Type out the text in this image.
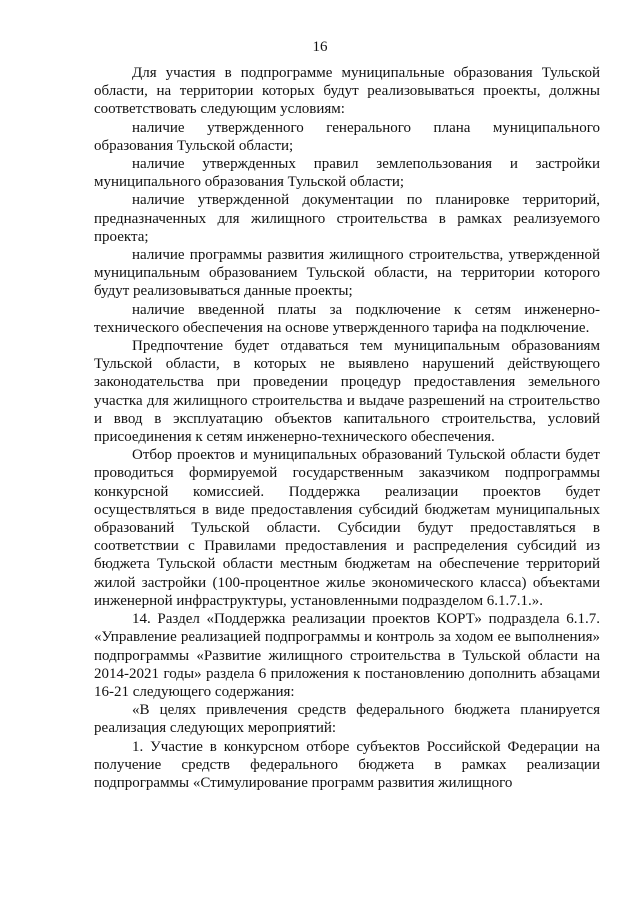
16

Для участия в подпрограмме муниципальные образования Тульской области, на территории которых будут реализовываться проекты, должны соответствовать следующим условиям:

наличие утвержденного генерального плана муниципального образования Тульской области;

наличие утвержденных правил землепользования и застройки муниципального образования Тульской области;

наличие утвержденной документации по планировке территорий, предназначенных для жилищного строительства в рамках реализуемого проекта;

наличие программы развития жилищного строительства, утвержденной муниципальным образованием Тульской области, на территории которого будут реализовываться данные проекты;

наличие введенной платы за подключение к сетям инженерно-технического обеспечения на основе утвержденного тарифа на подключение.

Предпочтение будет отдаваться тем муниципальным образованиям Тульской области, в которых не выявлено нарушений действующего законодательства при проведении процедур предоставления земельного участка для жилищного строительства и выдаче разрешений на строительство и ввод в эксплуатацию объектов капитального строительства, условий присоединения к сетям инженерно-технического обеспечения.

Отбор проектов и муниципальных образований Тульской области будет проводиться формируемой государственным заказчиком подпрограммы конкурсной комиссией. Поддержка реализации проектов будет осуществляться в виде предоставления субсидий бюджетам муниципальных образований Тульской области. Субсидии будут предоставляться в соответствии с Правилами предоставления и распределения субсидий из бюджета Тульской области местным бюджетам на обеспечение территорий жилой застройки (100-процентное жилье экономического класса) объектами инженерной инфраструктуры, установленными подразделом 6.1.7.1.».

14. Раздел «Поддержка реализации проектов КОРТ» подраздела 6.1.7. «Управление реализацией подпрограммы и контроль за ходом ее выполнения» подпрограммы «Развитие жилищного строительства в Тульской области на 2014-2021 годы» раздела 6 приложения к постановлению дополнить абзацами 16-21 следующего содержания:

«В целях привлечения средств федерального бюджета планируется реализация следующих мероприятий:

1. Участие в конкурсном отборе субъектов Российской Федерации на получение средств федерального бюджета в рамках реализации подпрограммы «Стимулирование программ развития жилищного
